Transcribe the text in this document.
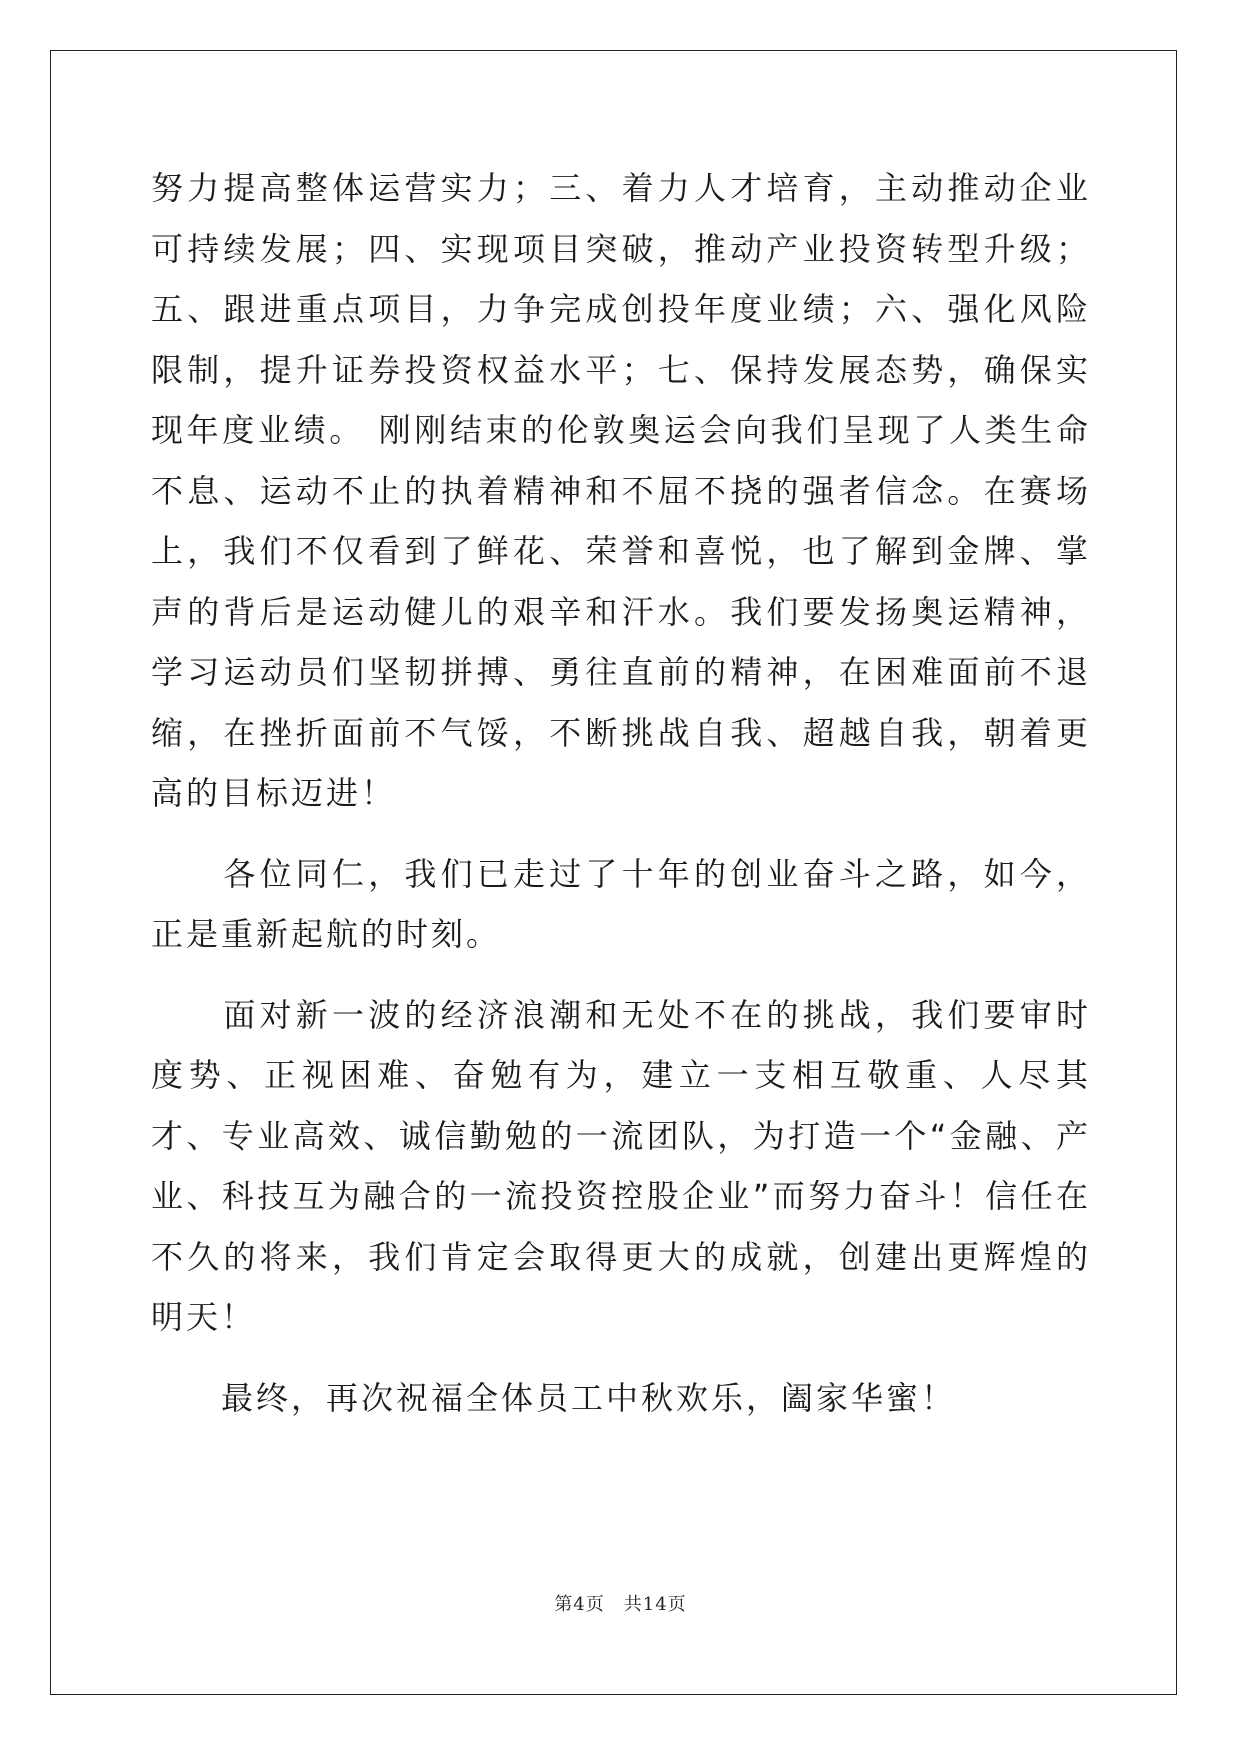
努力提高整体运营实力；三、着力人才培育，主动推动企业可持续发展；四、实现项目突破，推动产业投资转型升级；五、跟进重点项目，力争完成创投年度业绩；六、强化风险限制，提升证券投资权益水平；七、保持发展态势，确保实现年度业绩。 刚刚结束的伦敦奥运会向我们呈现了人类生命不息、运动不止的执着精神和不屈不挠的强者信念。在赛场上，我们不仅看到了鲜花、荣誉和喜悦，也了解到金牌、掌声的背后是运动健儿的艰辛和汗水。我们要发扬奥运精神，学习运动员们坚韧拼搏、勇往直前的精神，在困难面前不退缩，在挫折面前不气馁，不断挑战自我、超越自我，朝着更高的目标迈进！

　　各位同仁，我们已走过了十年的创业奋斗之路，如今，正是重新起航的时刻。

　　面对新一波的经济浪潮和无处不在的挑战，我们要审时度势、正视困难、奋勉有为，建立一支相互敬重、人尽其才、专业高效、诚信勤勉的一流团队，为打造一个“金融、产业、科技互为融合的一流投资控股企业”而努力奋斗！信任在不久的将来，我们肯定会取得更大的成就，创建出更辉煌的明天！

　　最终，再次祝福全体员工中秋欢乐，阖家华蜜！

第4页　共14页
